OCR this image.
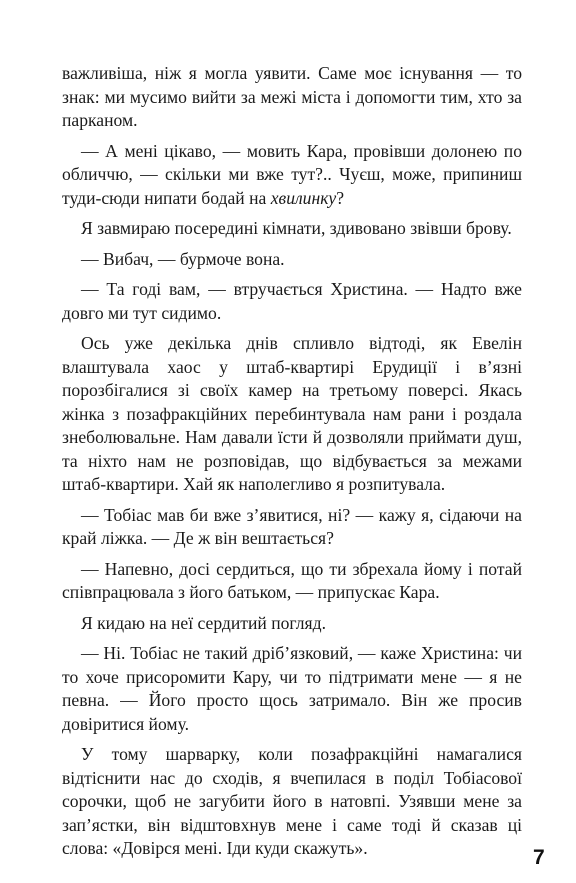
важливіша, ніж я могла уявити. Саме моє існування — то знак: ми мусимо вийти за межі міста і допомогти тим, хто за парканом.

— А мені цікаво, — мовить Кара, провівши долонею по обличчю, — скільки ми вже тут?.. Чуєш, може, припиниш туди-сюди нипати бодай на хвилинку?

Я завмираю посередині кімнати, здивовано звівши брову.

— Вибач, — бурмоче вона.

— Та годі вам, — втручається Христина. — Надто вже довго ми тут сидимо.

Ось уже декілька днів спливло відтоді, як Евелін влаштувала хаос у штаб-квартирі Ерудиції і в’язні порозбігалися зі своїх камер на третьому поверсі. Якась жінка з позафракційних перебинтувала нам рани і роздала знеболювальне. Нам давали їсти й дозволяли приймати душ, та ніхто нам не розповідав, що відбувається за межами штаб-квартири. Хай як наполегливо я розпитувала.

— Тобіас мав би вже з’явитися, ні? — кажу я, сідаючи на край ліжка. — Де ж він вештається?

— Напевно, досі сердиться, що ти збрехала йому і потай співпрацювала з його батьком, — припускає Кара.

Я кидаю на неї сердитий погляд.

— Ні. Тобіас не такий дріб’язковий, — каже Христина: чи то хоче присоромити Кару, чи то підтримати мене — я не певна. — Його просто щось затримало. Він же просив довіритися йому.

У тому шарварку, коли позафракційні намагалися відтіснити нас до сходів, я вчепилася в поділ Тобіасової сорочки, щоб не загубити його в натовпі. Узявши мене за зап’ястки, він відштовхнув мене і саме тоді й сказав ці слова: «Довірся мені. Іди куди скажуть».	7
